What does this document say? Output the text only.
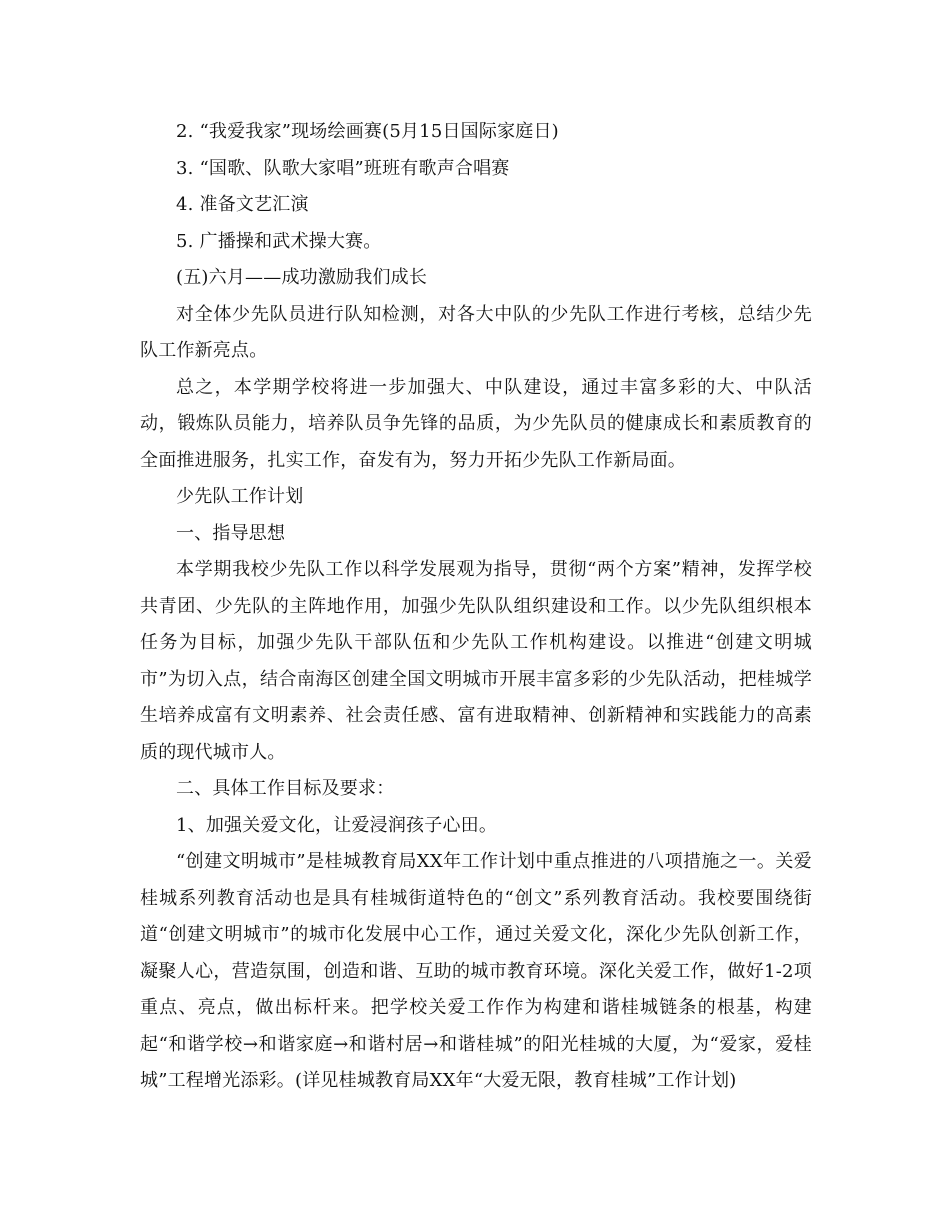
2. “我爱我家”现场绘画赛(5月15日国际家庭日)

3. “国歌、队歌大家唱”班班有歌声合唱赛

4. 准备文艺汇演

5. 广播操和武术操大赛。

(五)六月——成功激励我们成长

对全体少先队员进行队知检测，对各大中队的少先队工作进行考核，总结少先队工作新亮点。

总之，本学期学校将进一步加强大、中队建设，通过丰富多彩的大、中队活动，锻炼队员能力，培养队员争先锋的品质，为少先队员的健康成长和素质教育的全面推进服务，扎实工作，奋发有为，努力开拓少先队工作新局面。

少先队工作计划

一、指导思想

本学期我校少先队工作以科学发展观为指导，贯彻“两个方案”精神，发挥学校共青团、少先队的主阵地作用，加强少先队队组织建设和工作。以少先队组织根本任务为目标，加强少先队干部队伍和少先队工作机构建设。以推进“创建文明城市”为切入点，结合南海区创建全国文明城市开展丰富多彩的少先队活动，把桂城学生培养成富有文明素养、社会责任感、富有进取精神、创新精神和实践能力的高素质的现代城市人。

二、具体工作目标及要求：

1、加强关爱文化，让爱浸润孩子心田。

“创建文明城市”是桂城教育局XX年工作计划中重点推进的八项措施之一。关爱桂城系列教育活动也是具有桂城街道特色的“创文”系列教育活动。我校要围绕街道“创建文明城市”的城市化发展中心工作，通过关爱文化，深化少先队创新工作，凝聚人心，营造氛围，创造和谐、互助的城市教育环境。深化关爱工作，做好1-2项重点、亮点，做出标杆来。把学校关爱工作作为构建和谐桂城链条的根基，构建起“和谐学校→和谐家庭→和谐村居→和谐桂城”的阳光桂城的大厦，为“爱家，爱桂城”工程增光添彩。(详见桂城教育局XX年“大爱无限，教育桂城”工作计划)
